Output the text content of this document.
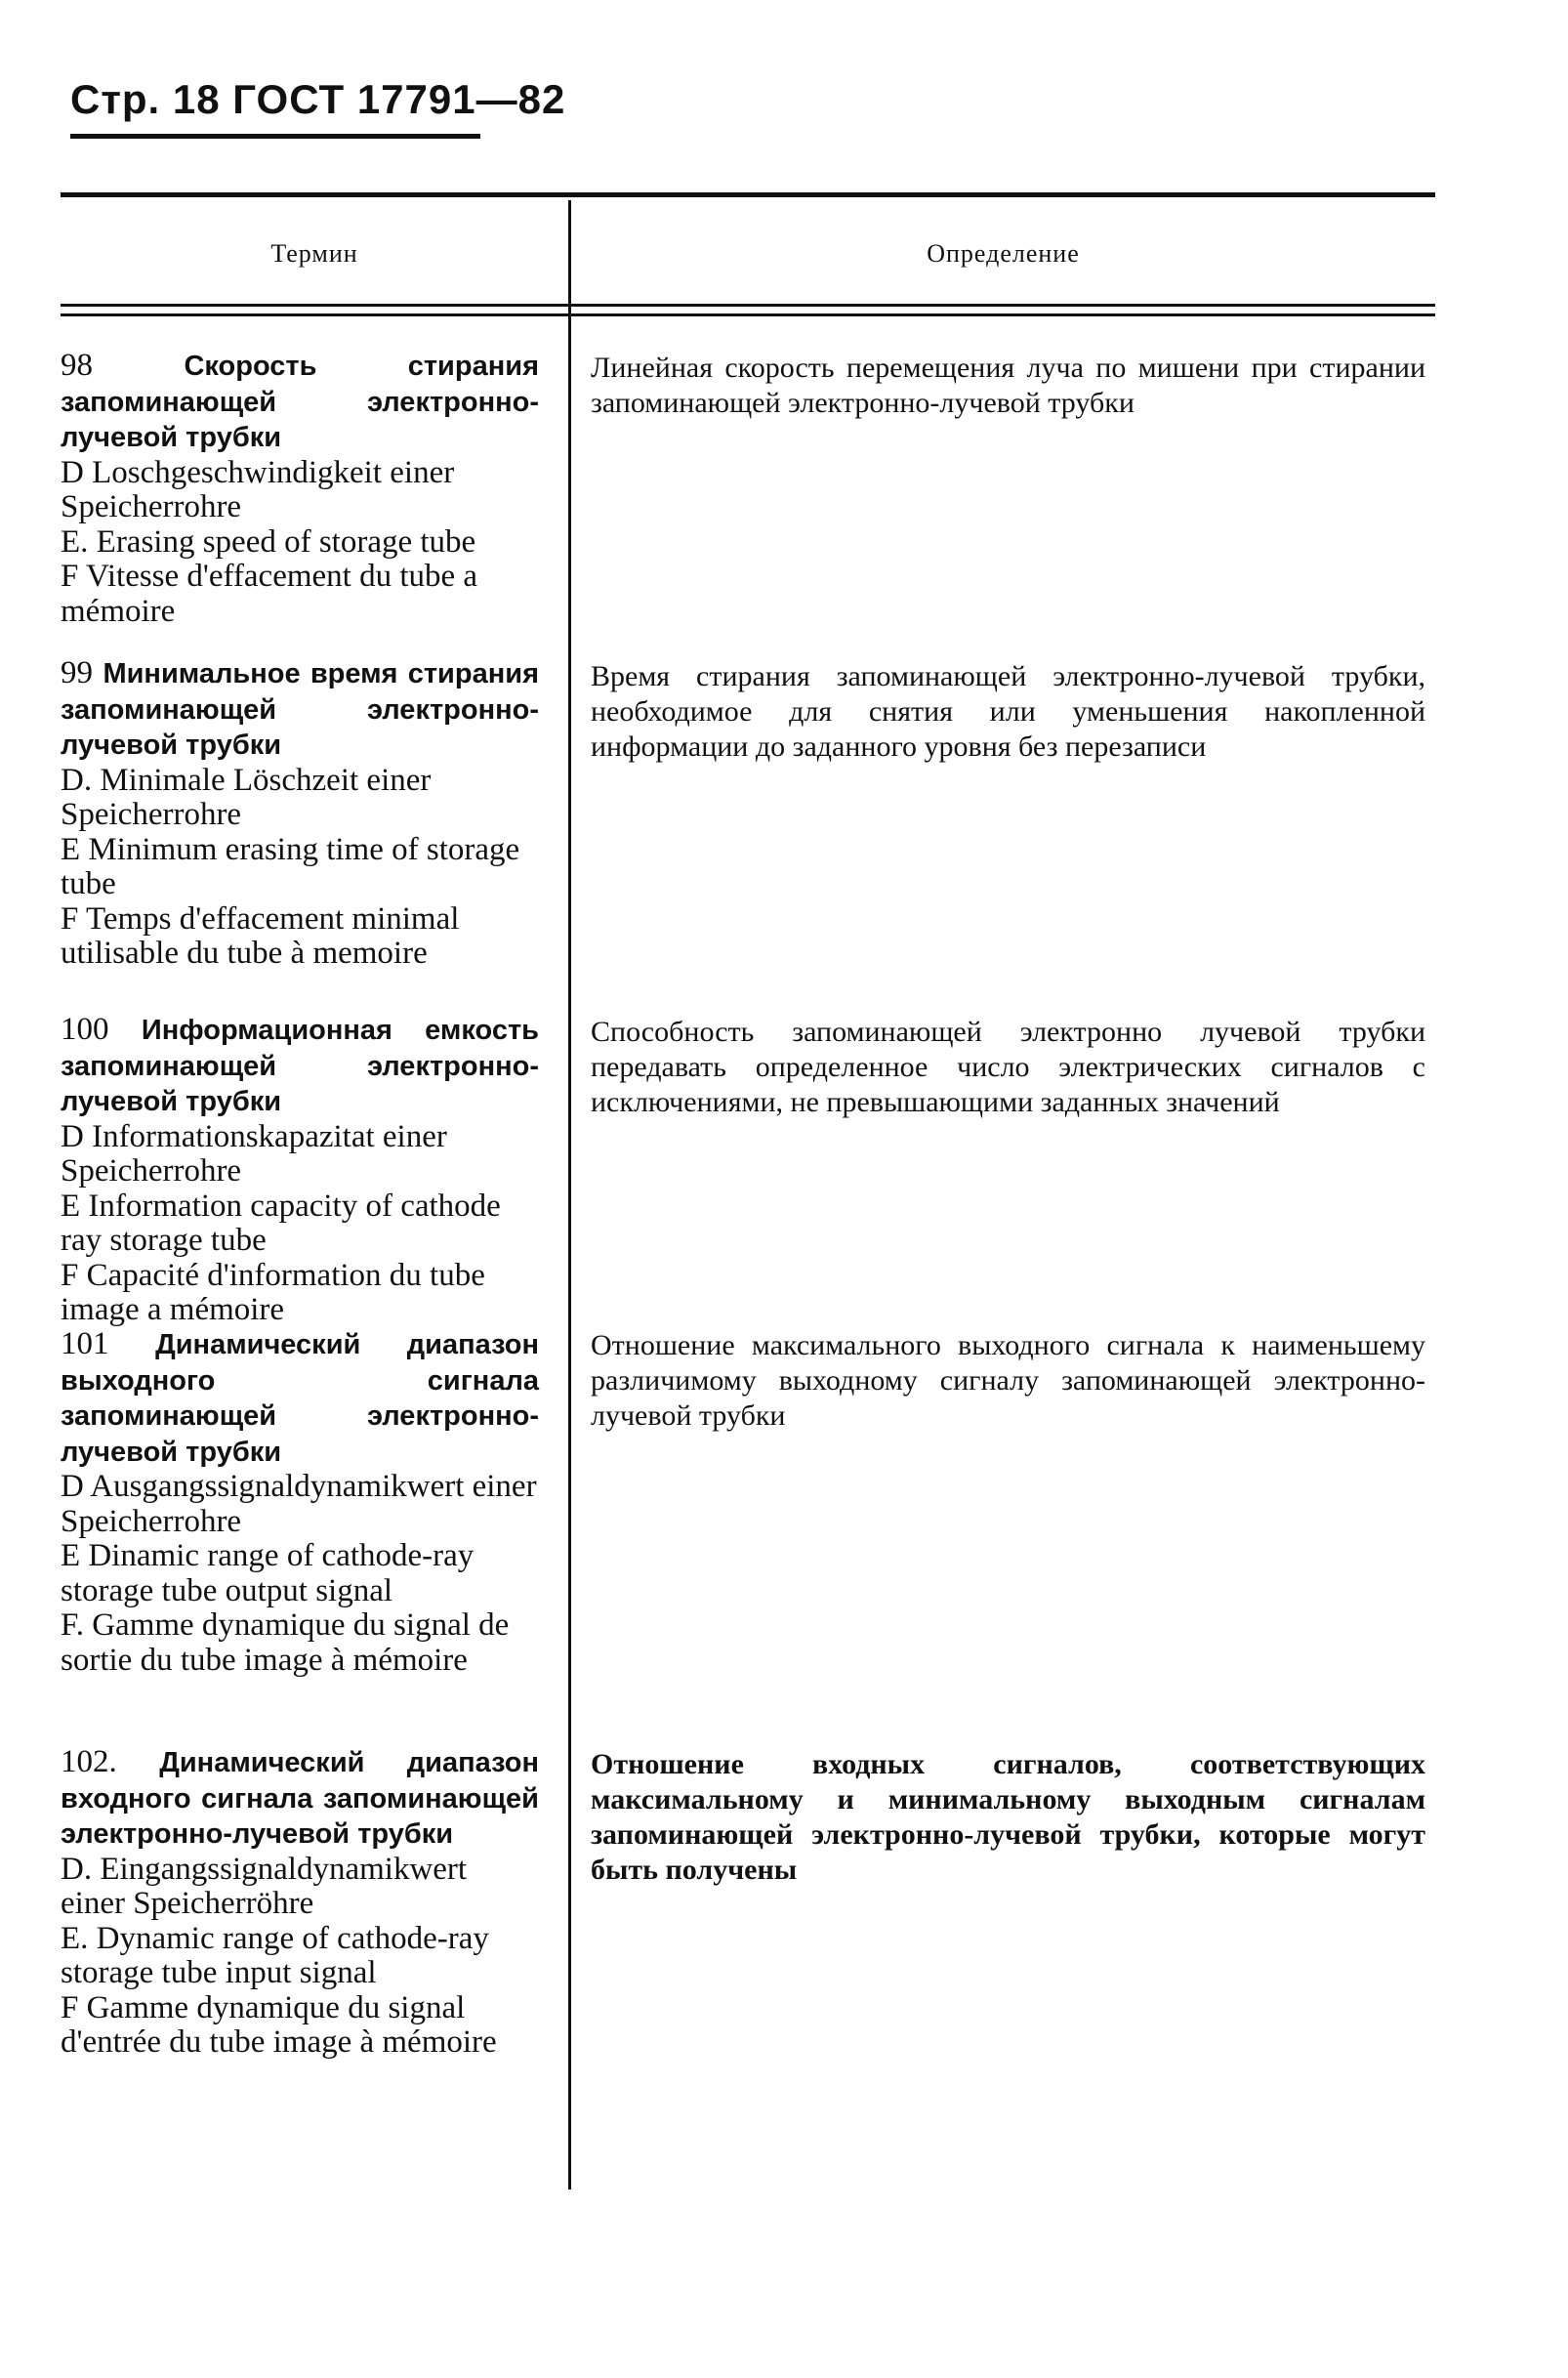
Стр. 18 ГОСТ 17791—82
Термин	Определение
98	Скорость стирания запоминающей электронно-лучевой трубки
D Loschgeschwindigkeit einer Speicherrohre
E. Erasing speed of storage tube
F Vitesse d'effacement du tube a mémoire
Линейная скорость перемещения луча по мишени при стирании запоминающей электронно-лучевой трубки
99 Минимальное время стирания запоминающей электронно-лучевой трубки
D. Minimale Löschzeit einer Speicherrohre
E Minimum erasing time of storage tube
F Temps d'effacement minimal utilisable du tube à memoire
Время стирания запоминающей электронно-лучевой трубки, необходимое для снятия или уменьшения накопленной информации до заданного уровня без перезаписи
100 Информационная емкость запоминающей электронно-лучевой трубки
D Informationskapazitat einer Speicherrohre
E Information capacity of cathode ray storage tube
F Capacité d'information du tube image a mémoire
Способность запоминающей электронно лучевой трубки передавать определенное число электрических сигналов с исключениями, не превышающими заданных значений
101 Динамический диапазон выходного сигнала запоминающей электронно-лучевой трубки
D Ausgangssignaldynamikwert einer Speicherrohre
E Dinamic range of cathode-ray storage tube output signal
F. Gamme dynamique du signal de sortie du tube image à mémoire
Отношение максимального выходного сигнала к наименьшему различимому выходному сигналу запоминающей электронно-лучевой трубки
102. Динамический диапазон входного сигнала запоминающей электронно-лучевой трубки
D. Eingangssignaldynamikwert einer Speicherröhre
E. Dynamic range of cathode-ray storage tube input signal
F Gamme dynamique du signal d'entrée du tube image à mémoire
Отношение входных сигналов, соответствующих максимальному и минимальному выходным сигналам запоминающей электронно-лучевой трубки, которые могут быть получены
